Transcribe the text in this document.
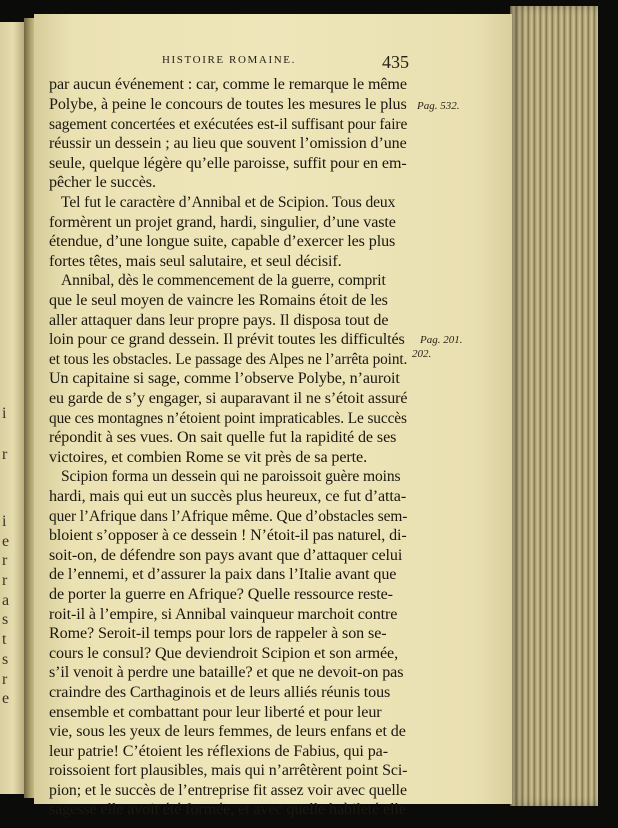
i
r
i
e
r
r
a
s
t
s
r
e
HISTOIRE ROMAINE.	435
par aucun événement : car, comme le remarque le même
Polybe, à peine le concours de toutes les mesures le plus
sagement concertées et exécutées est-il suffisant pour faire
réussir un dessein ; au lieu que souvent l’omission d’une
seule, quelque légère qu’elle paroisse, suffit pour en em-
pêcher le succès.
Tel fut le caractère d’Annibal et de Scipion. Tous deux
formèrent un projet grand, hardi, singulier, d’une vaste
étendue, d’une longue suite, capable d’exercer les plus
fortes têtes, mais seul salutaire, et seul décisif.
Annibal, dès le commencement de la guerre, comprit
que le seul moyen de vaincre les Romains étoit de les
aller attaquer dans leur propre pays. Il disposa tout de
loin pour ce grand dessein. Il prévit toutes les difficultés
et tous les obstacles. Le passage des Alpes ne l’arrêta point.
Un capitaine si sage, comme l’observe Polybe, n’auroit
eu garde de s’y engager, si auparavant il ne s’étoit assuré
que ces montagnes n’étoient point impraticables. Le succès
répondit à ses vues. On sait quelle fut la rapidité de ses
victoires, et combien Rome se vit près de sa perte.
Scipion forma un dessein qui ne paroissoit guère moins
hardi, mais qui eut un succès plus heureux, ce fut d’atta-
quer l’Afrique dans l’Afrique même. Que d’obstacles sem-
bloient s’opposer à ce dessein ! N’étoit-il pas naturel, di-
soit-on, de défendre son pays avant que d’attaquer celui
de l’ennemi, et d’assurer la paix dans l’Italie avant que
de porter la guerre en Afrique? Quelle ressource reste-
roit-il à l’empire, si Annibal vainqueur marchoit contre
Rome? Seroit-il temps pour lors de rappeler à son se-
cours le consul? Que deviendroit Scipion et son armée,
s’il venoit à perdre une bataille? et que ne devoit-on pas
craindre des Carthaginois et de leurs alliés réunis tous
ensemble et combattant pour leur liberté et pour leur
vie, sous les yeux de leurs femmes, de leurs enfans et de
leur patrie! C’étoient les réflexions de Fabius, qui pa-
roissoient fort plausibles, mais qui n’arrêtèrent point Sci-
pion; et le succès de l’entreprise fit assez voir avec quelle
sagesse elle avoit été formée, et avec quelle habileté elle
Pag. 532.
Pag. 201.
202.
